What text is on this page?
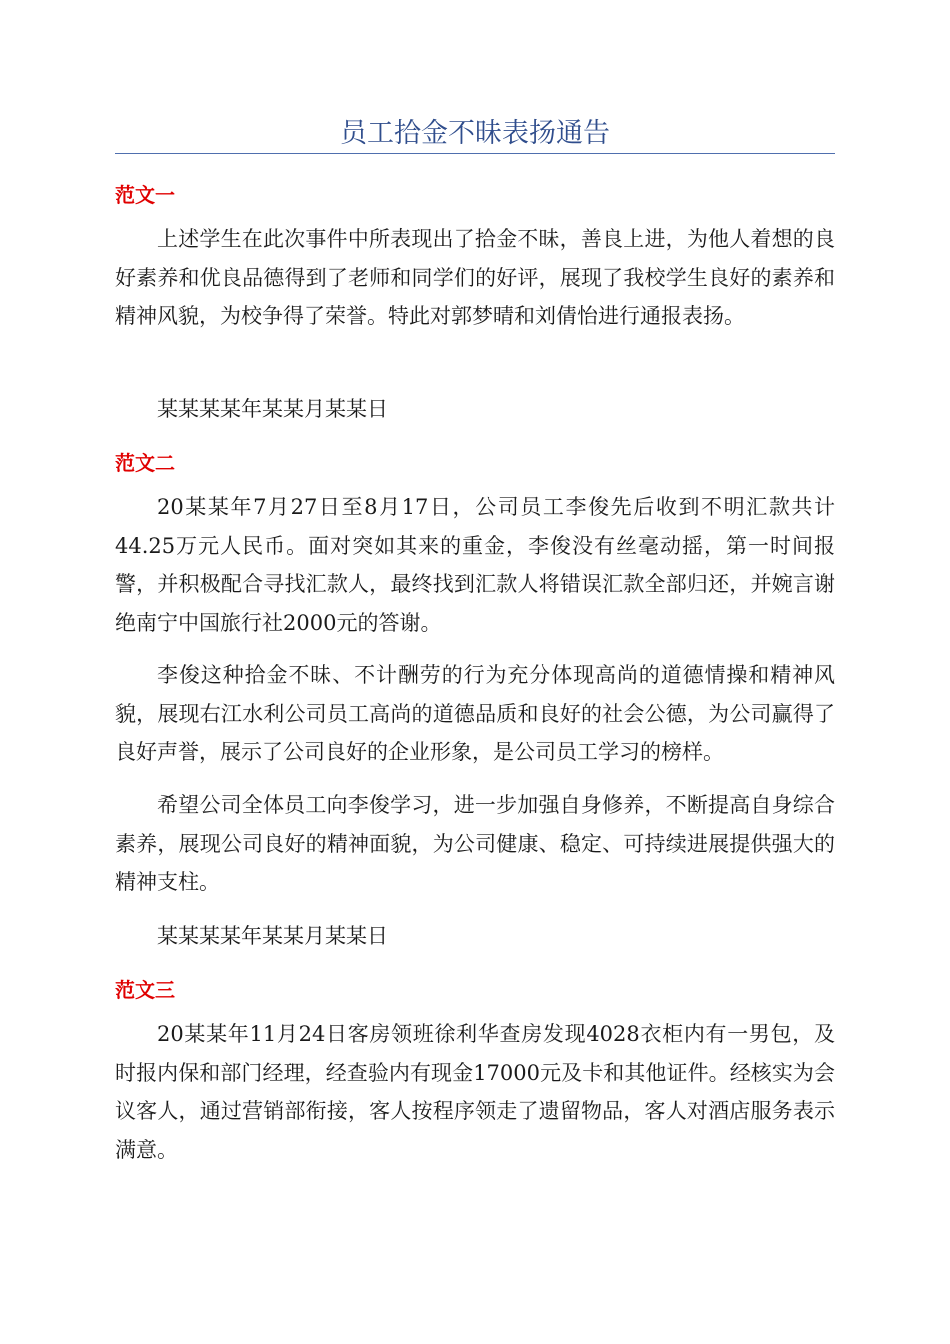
员工拾金不昧表扬通告
范文一

上述学生在此次事件中所表现出了拾金不昧，善良上进，为他人着想的良好素养和优良品德得到了老师和同学们的好评，展现了我校学生良好的素养和精神风貌，为校争得了荣誉。特此对郭梦晴和刘倩怡进行通报表扬。

某某某某年某某月某某日

范文二

20某某年7月27日至8月17日，公司员工李俊先后收到不明汇款共计44.25万元人民币。面对突如其来的重金，李俊没有丝毫动摇，第一时间报警，并积极配合寻找汇款人，最终找到汇款人将错误汇款全部归还，并婉言谢绝南宁中国旅行社2000元的答谢。

李俊这种拾金不昧、不计酬劳的行为充分体现高尚的道德情操和精神风貌，展现右江水利公司员工高尚的道德品质和良好的社会公德，为公司赢得了良好声誉，展示了公司良好的企业形象，是公司员工学习的榜样。

希望公司全体员工向李俊学习，进一步加强自身修养，不断提高自身综合素养，展现公司良好的精神面貌，为公司健康、稳定、可持续进展提供强大的精神支柱。

某某某某年某某月某某日

范文三

20某某年11月24日客房领班徐利华查房发现4028衣柜内有一男包，及时报内保和部门经理，经查验内有现金17000元及卡和其他证件。经核实为会议客人，通过营销部衔接，客人按程序领走了遗留物品，客人对酒店服务表示满意。
